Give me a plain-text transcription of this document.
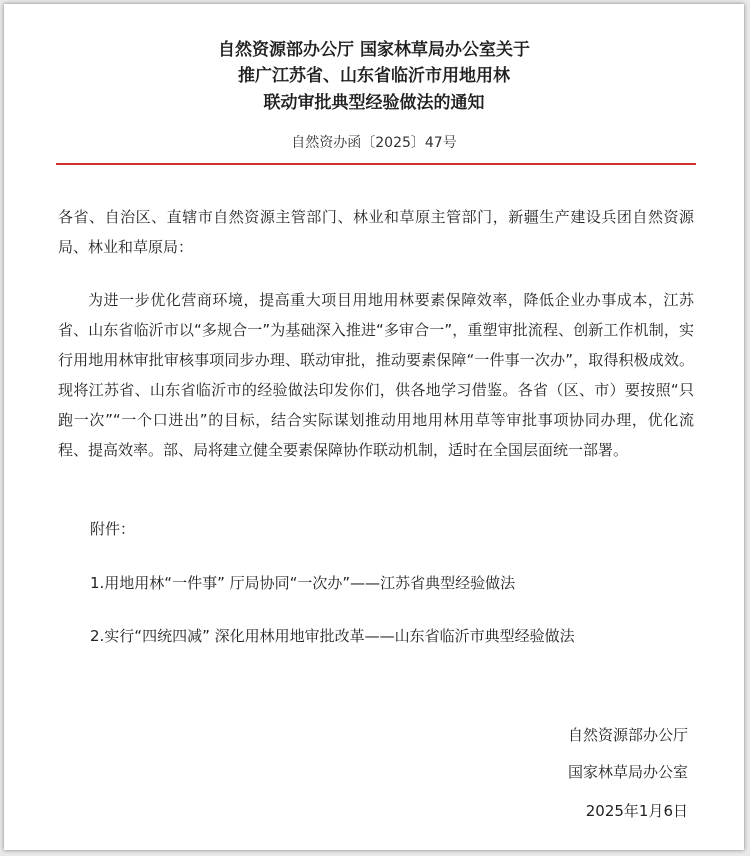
自然资源部办公厅 国家林草局办公室关于
推广江苏省、山东省临沂市用地用林
联动审批典型经验做法的通知
自然资办函〔2025〕47号

各省、自治区、直辖市自然资源主管部门、林业和草原主管部门，新疆生产建设兵团自然资源局、林业和草原局：

为进一步优化营商环境，提高重大项目用地用林要素保障效率，降低企业办事成本，江苏省、山东省临沂市以“多规合一”为基础深入推进“多审合一”，重塑审批流程、创新工作机制，实行用地用林审批审核事项同步办理、联动审批，推动要素保障“一件事一次办”，取得积极成效。现将江苏省、山东省临沂市的经验做法印发你们，供各地学习借鉴。各省（区、市）要按照“只跑一次”“一个口进出”的目标，结合实际谋划推动用地用林用草等审批事项协同办理，优化流程、提高效率。部、局将建立健全要素保障协作联动机制，适时在全国层面统一部署。

附件：
1.用地用林“一件事” 厅局协同“一次办”——江苏省典型经验做法
2.实行“四统四减” 深化用林用地审批改革——山东省临沂市典型经验做法
自然资源部办公厅
国家林草局办公室
2025年1月6日
